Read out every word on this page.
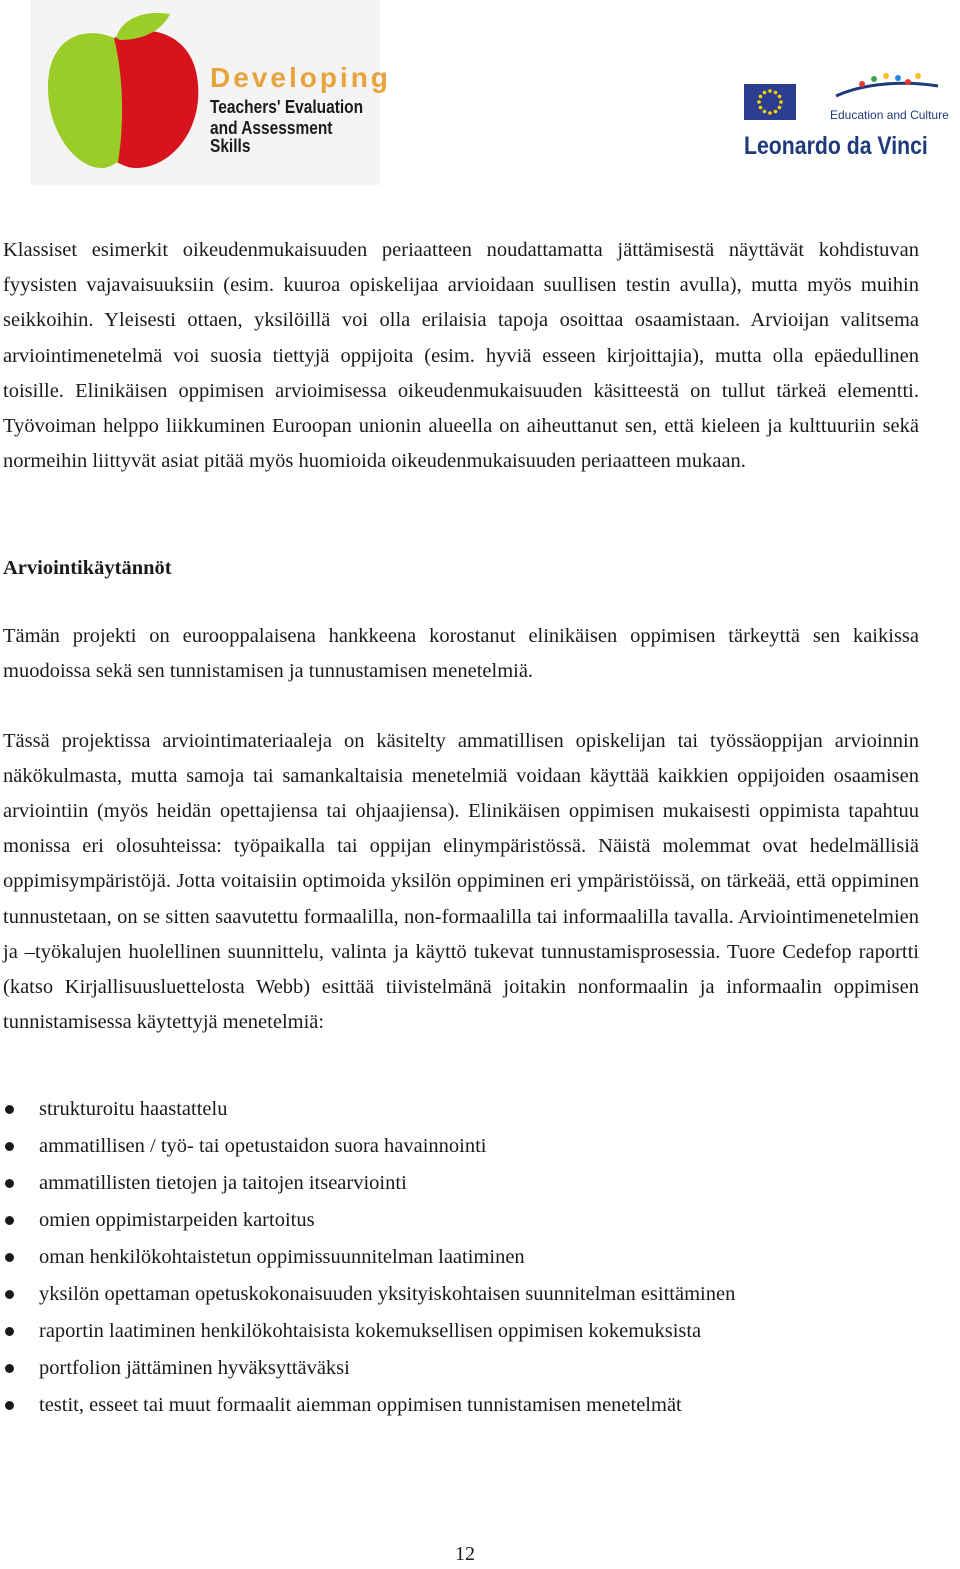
Developing
Teachers' Evaluation
and Assessment Skills
Education and Culture
Leonardo da Vinci

Klassiset esimerkit oikeudenmukaisuuden periaatteen noudattamatta jättämisestä näyttävät kohdistuvan fyysisten vajavaisuuksiin (esim. kuuroa opiskelijaa arvioidaan suullisen testin avulla), mutta myös muihin seikkoihin. Yleisesti ottaen, yksilöillä voi olla erilaisia tapoja osoittaa osaamistaan. Arvioijan valitsema arviointimenetelmä voi suosia tiettyjä oppijoita (esim. hyviä esseen kirjoittajia), mutta olla epäedullinen toisille. Elinikäisen oppimisen arvioimisessa oikeudenmukaisuuden käsitteestä on tullut tärkeä elementti. Työvoiman helppo liikkuminen Euroopan unionin alueella on aiheuttanut sen, että kieleen ja kulttuuriin sekä normeihin liittyvät asiat pitää myös huomioida oikeudenmukaisuuden periaatteen mukaan.

Arviointikäytännöt

Tämän projekti on eurooppalaisena hankkeena korostanut elinikäisen oppimisen tärkeyttä sen kaikissa muodoissa sekä sen tunnistamisen ja tunnustamisen menetelmiä.

Tässä projektissa arviointimateriaaleja on käsitelty ammatillisen opiskelijan tai työssäoppijan arvioinnin näkökulmasta, mutta samoja tai samankaltaisia menetelmiä voidaan käyttää kaikkien oppijoiden osaamisen arviointiin (myös heidän opettajiensa tai ohjaajiensa). Elinikäisen oppimisen mukaisesti oppimista tapahtuu monissa eri olosuhteissa: työpaikalla tai oppijan elinympäristössä. Näistä molemmat ovat hedelmällisiä oppimisympäristöjä. Jotta voitaisiin optimoida yksilön oppiminen eri ympäristöissä, on tärkeää, että oppiminen tunnustetaan, on se sitten saavutettu formaalilla, non-formaalilla tai informaalilla tavalla. Arviointimenetelmien ja –työkalujen huolellinen suunnittelu, valinta ja käyttö tukevat tunnustamisprosessia. Tuore Cedefop raportti (katso Kirjallisuusluettelosta Webb) esittää tiivistelmänä joitakin nonformaalin ja informaalin oppimisen tunnistamisessa käytettyjä menetelmiä:

strukturoitu haastattelu
ammatillisen / työ- tai opetustaidon suora havainnointi
ammatillisten tietojen ja taitojen itsearviointi
omien oppimistarpeiden kartoitus
oman henkilökohtaistetun oppimissuunnitelman laatiminen
yksilön opettaman opetuskokonaisuuden yksityiskohtaisen suunnitelman esittäminen
raportin laatiminen henkilökohtaisista kokemuksellisen oppimisen kokemuksista
portfolion jättäminen hyväksyttäväksi
testit, esseet tai muut formaalit aiemman oppimisen tunnistamisen menetelmät
12
